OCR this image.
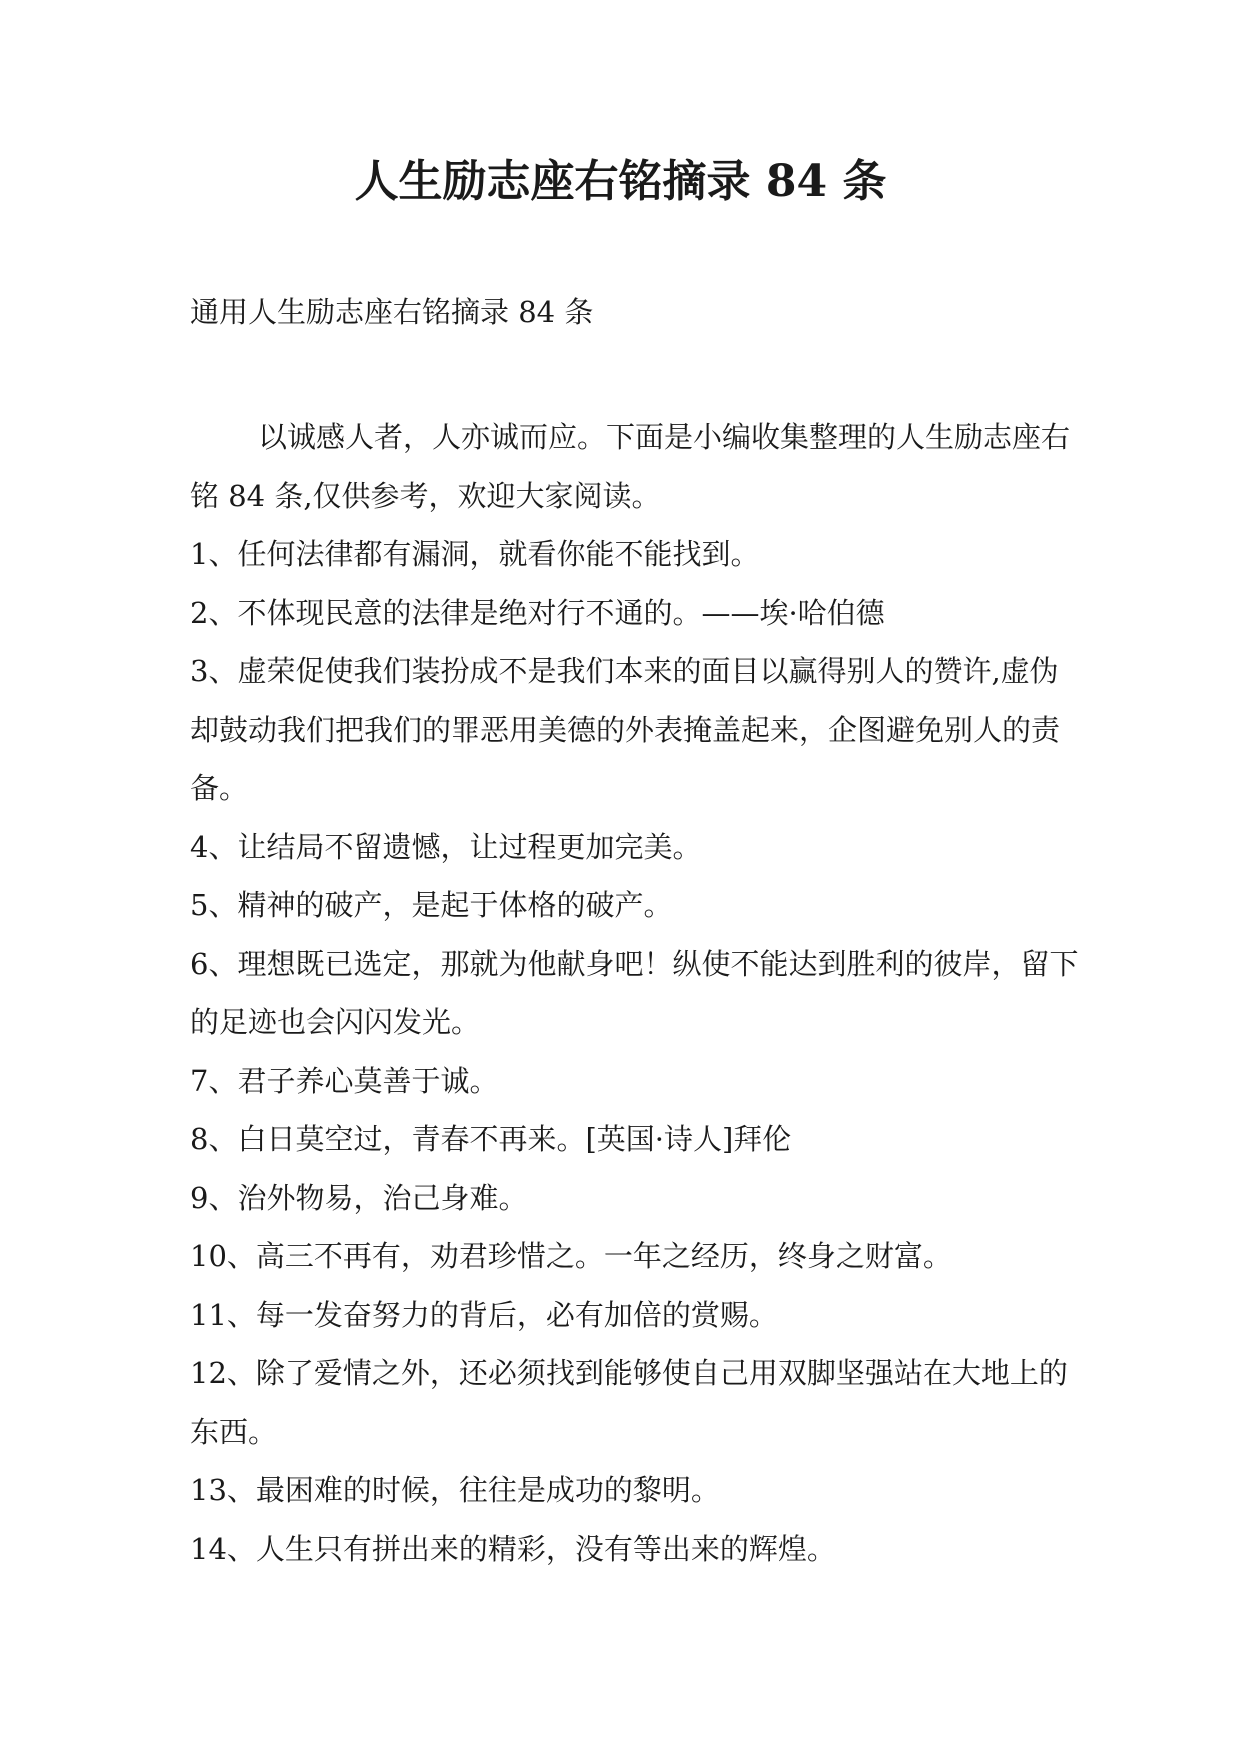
人生励志座右铭摘录 84 条

通用人生励志座右铭摘录 84 条

以诚感人者，人亦诚而应。下面是小编收集整理的人生励志座右铭 84 条,仅供参考，欢迎大家阅读。

1、任何法律都有漏洞，就看你能不能找到。

2、不体现民意的法律是绝对行不通的。——埃·哈伯德

3、虚荣促使我们装扮成不是我们本来的面目以赢得别人的赞许,虚伪却鼓动我们把我们的罪恶用美德的外表掩盖起来，企图避免别人的责备。

4、让结局不留遗憾，让过程更加完美。

5、精神的破产，是起于体格的破产。

6、理想既已选定，那就为他献身吧！纵使不能达到胜利的彼岸，留下的足迹也会闪闪发光。

7、君子养心莫善于诚。

8、白日莫空过，青春不再来。[英国·诗人]拜伦

9、治外物易，治己身难。

10、高三不再有，劝君珍惜之。一年之经历，终身之财富。

11、每一发奋努力的背后，必有加倍的赏赐。

12、除了爱情之外，还必须找到能够使自己用双脚坚强站在大地上的东西。

13、最困难的时候，往往是成功的黎明。

14、人生只有拼出来的精彩，没有等出来的辉煌。
